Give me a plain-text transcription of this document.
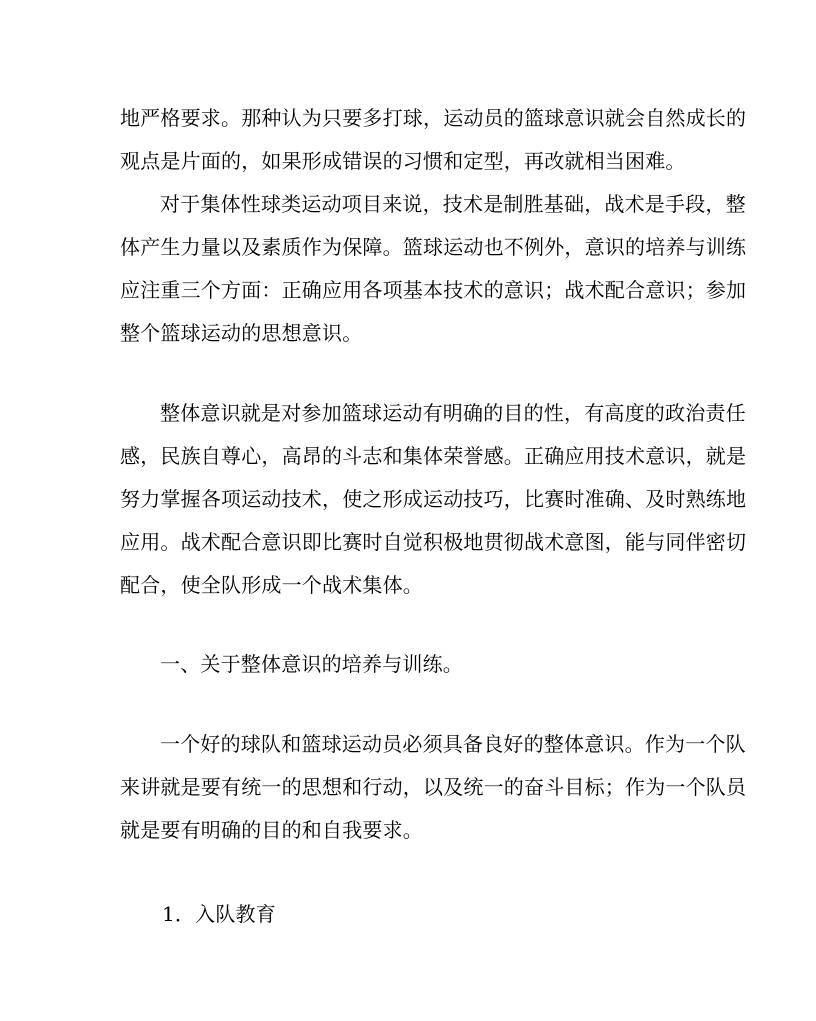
地严格要求。那种认为只要多打球，运动员的篮球意识就会自然成长的
观点是片面的，如果形成错误的习惯和定型，再改就相当困难。
对于集体性球类运动项目来说，技术是制胜基础，战术是手段，整
体产生力量以及素质作为保障。篮球运动也不例外，意识的培养与训练
应注重三个方面：正确应用各项基本技术的意识；战术配合意识；参加
整个篮球运动的思想意识。
整体意识就是对参加篮球运动有明确的目的性，有高度的政治责任
感，民族自尊心，高昂的斗志和集体荣誉感。正确应用技术意识，就是
努力掌握各项运动技术，使之形成运动技巧，比赛时准确、及时熟练地
应用。战术配合意识即比赛时自觉积极地贯彻战术意图，能与同伴密切
配合，使全队形成一个战术集体。
一、关于整体意识的培养与训练。
一个好的球队和篮球运动员必须具备良好的整体意识。作为一个队
来讲就是要有统一的思想和行动，以及统一的奋斗目标；作为一个队员
就是要有明确的目的和自我要求。
1．入队教育
